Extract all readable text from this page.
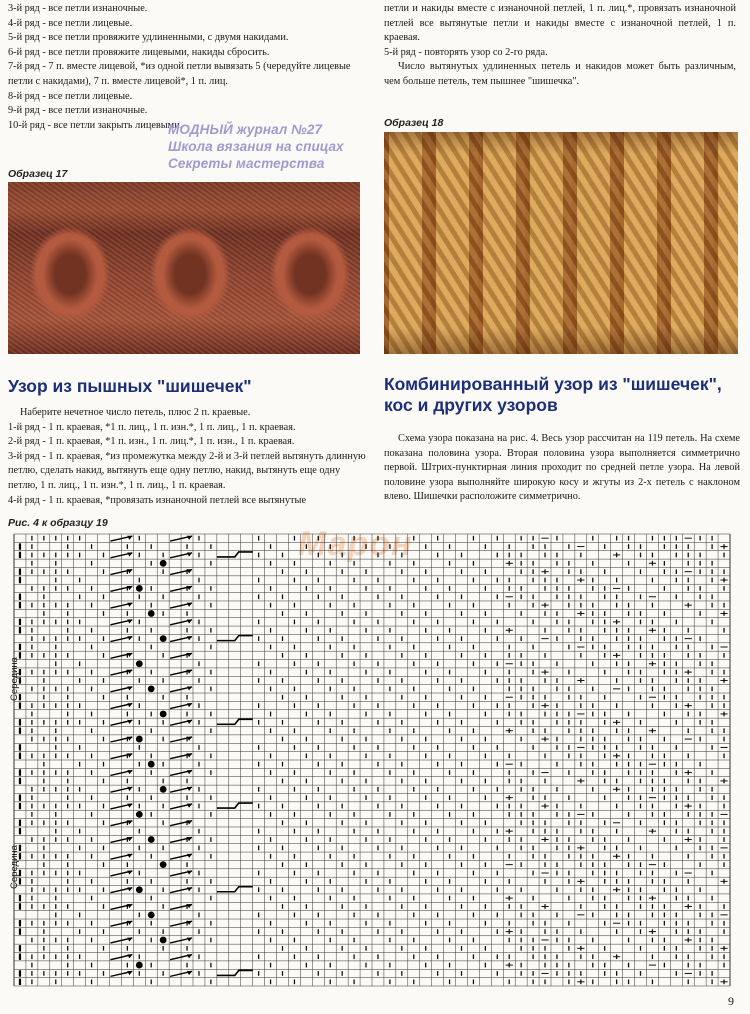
3-й ряд - все петли изнаночные.

4-й ряд - все петли лицевые.

5-й ряд - все петли провяжите удлиненными, с двумя накидами.

6-й ряд - все петли провяжите лицевыми, накиды сбросить.

7-й ряд - 7 п. вместе лицевой, *из одной петли вывязать 5 (чередуйте лицевые петли с накидами), 7 п. вместе лицевой*, 1 п. лиц.

8-й ряд - все петли лицевые.

9-й ряд - все петли изнаночные.

10-й ряд - все петли закрыть лицевыми.

петли и накиды вместе с изнаночной петлей, 1 п. лиц.*, провязать изнаночной петлей все вытянутые петли и накиды вместе с изнаночной петлей, 1 п. краевая.

5-й ряд - повторять узор со 2-го ряда.

Число вытянутых удлиненных петель и накидов может быть различным, чем больше петель, тем пышнее "шишечка".

МОДНЫЙ журнал №27
Школа вязания на спицах
Секреты мастерства
Образец 17
Образец 18
Узор из пышных "шишечек"	Комбинированный узор из "шишечек", кос и других узоров

Наберите нечетное число петель, плюс 2 п. краевые.

1-й ряд - 1 п. краевая, *1 п. лиц., 1 п. изн.*, 1 п. лиц., 1 п. краевая.

2-й ряд - 1 п. краевая, *1 п. изн., 1 п. лиц.*, 1 п. изн., 1 п. краевая.

3-й ряд - 1 п. краевая, *из промежутка между 2-й и 3-й петлей вытянуть длинную петлю, сделать накид, вытянуть еще одну петлю, накид, вытянуть еще одну петлю, 1 п. лиц., 1 п. изн.*, 1 п. лиц., 1 п. краевая.

4-й ряд - 1 п. краевая, *провязать изнаночной петлей все вытянутые

Схема узора показана на рис. 4. Весь узор рассчитан на 119 петель. На схеме показана половина узора. Вторая половина узора выполняется симметрично первой. Штрих-пунктирная линия проходит по средней петле узора. На левой половине узора выполняйте широкую косу и жгуты из 2-х петель с наклоном влево. Шишечки расположите симметрично.

Рис. 4 к образцу 19
Марон
Середина
Середина
9
